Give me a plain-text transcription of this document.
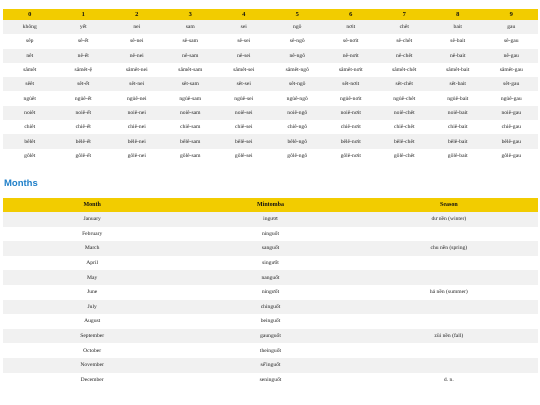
0	1	2	3	4	5	6	7	8	9
không	yết	nei	sam	sei	ngô	nơit	chêt	bait	gau
sêp	sê-ết	sê-nei	sê-sam	sê-sei	sê-ngô	sê-nơit	sê-chêt	sê-bait	sê-gau
nêt	nê-ết	nê-nei	nê-sam	nê-sei	nê-ngô	nê-nơit	nê-chêt	nê-bait	nê-gau
sâmêt	sâmêt-ệ	sâmêt-nei	sâmêt-sam	sâmêt-sei	sâmêt-ngô	sâmêt-nơit	sâmêt-chêt	sâmêt-bait	sâmêt-gau
sêêt	sêt-ết	sêt-nei	sêt-sam	sêt-sei	sêt-ngô	sêt-nơit	sêt-chêt	sêt-bait	sêt-gau
ngủêt	ngủê-ết	ngủê-nei	ngủê-sam	ngủê-sei	ngủê-ngô	ngủê-nơit	ngủê-chêt	ngủê-bait	ngủê-gau
noiêt	noiê-ết	noiê-nei	noiê-sam	noiê-sei	noiê-ngô	noiê-nơit	noiê-chêt	noiê-bait	noiê-gau
chiêt	chiê-ết	chiê-nei	chiê-sam	chiê-sei	chiê-ngô	chiê-nơit	chiê-chêt	chiê-bait	chiê-gau
bêlêt	bêlê-ết	bêlê-nei	bêlê-sam	bêlê-sei	bêlê-ngô	bêlê-nơit	bêlê-chêt	bêlê-bait	bêlê-gau
gôlêt	gôlê-ết	gôlê-nei	gôlê-sam	gôlê-sei	gôlê-ngô	gôlê-nơit	gôlê-chêt	gôlê-bait	gôlê-gau
Months
Month	Mintomba	Season
January	ingươt	dư nền (winter)
February	ninguốt	
March	sanguốt	chu nền (spring)
April	singưốt	
May	nanguốt	
June	ningưốt	hả nền (summer)
July	chinguốt	
August	beinguốt	
September	gaunguốt	züi nền (fall)
October	theinguốt	
November	sế'inguốt	
December	seninguốt	d. n.
